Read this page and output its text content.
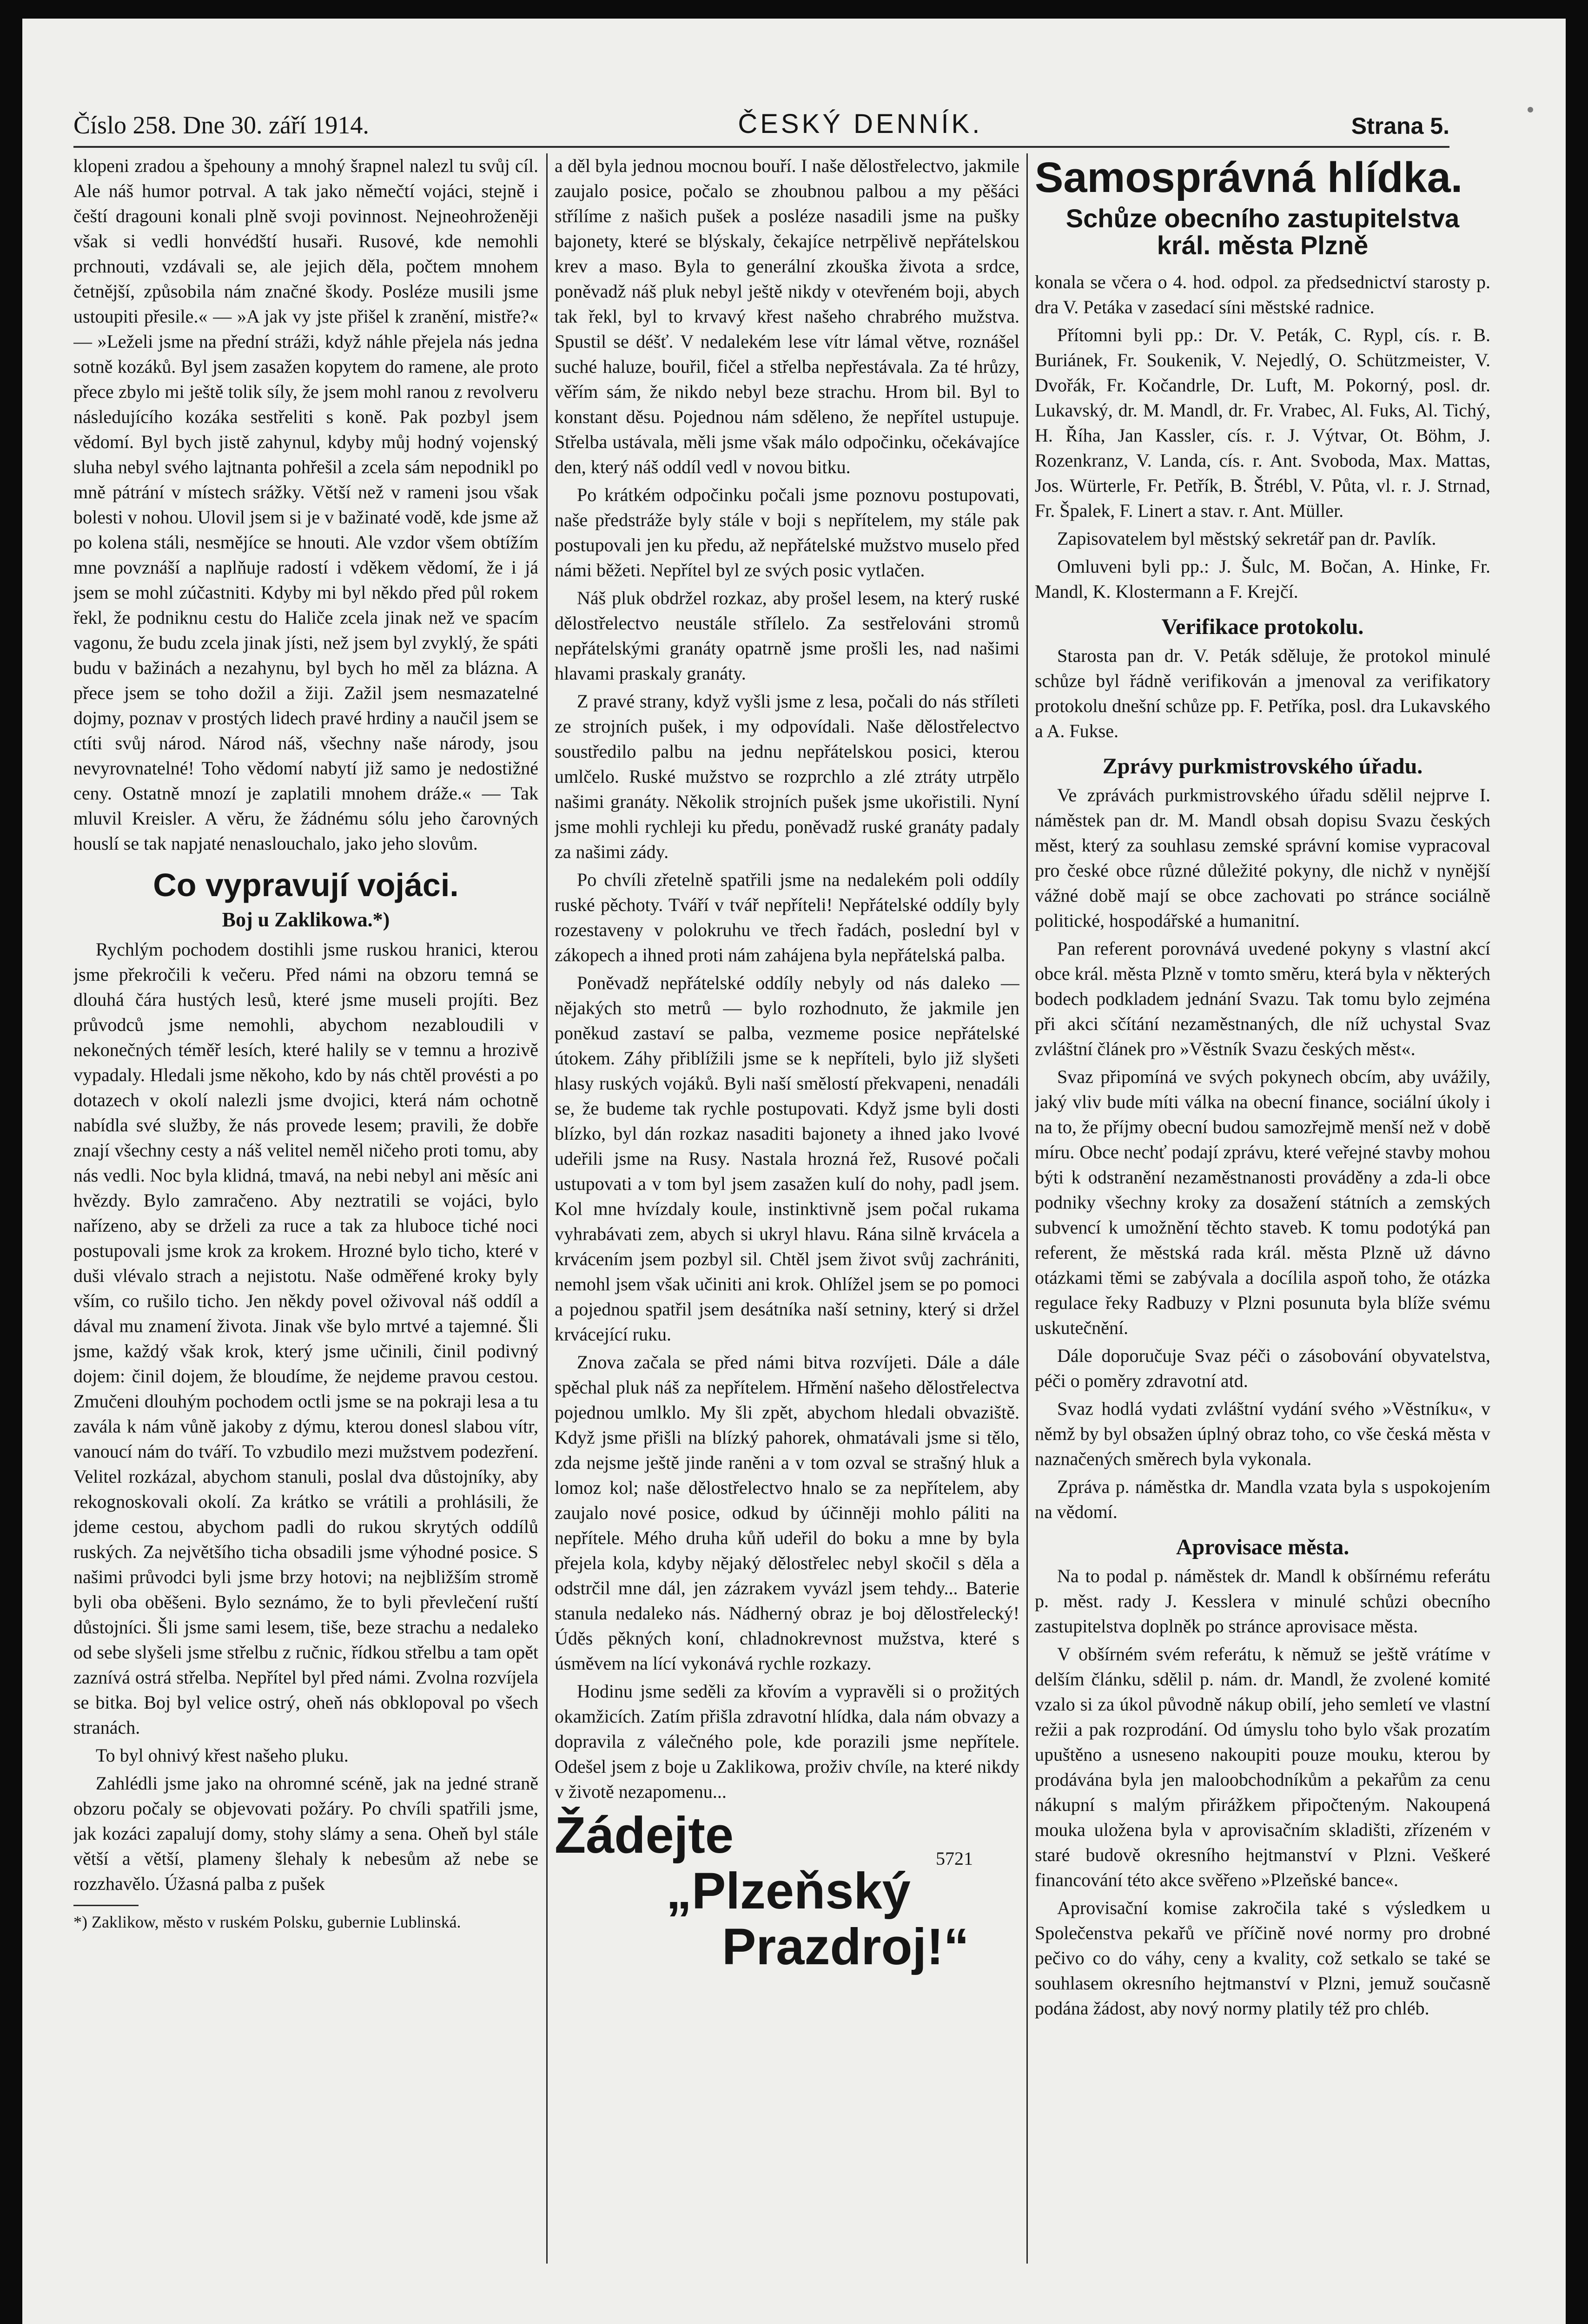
Číslo 258. Dne 30. září 1914.	ČESKÝ DENNÍK.	Strana 5.

klopeni zradou a špehouny a mnohý šrapnel nalezl tu svůj cíl. Ale náš humor potrval. A tak jako němečtí vojáci, stejně i čeští dragouni konali plně svoji povinnost. Nejneohroženěji však si vedli honvédští husaři. Rusové, kde nemohli prchnouti, vzdávali se, ale jejich děla, počtem mnohem četnější, způsobila nám značné škody. Posléze musili jsme ustoupiti přesile.« — »A jak vy jste přišel k zranění, mistře?« — »Leželi jsme na přední stráži, když náhle přejela nás jedna sotně kozáků. Byl jsem zasažen kopytem do ramene, ale proto přece zbylo mi ještě tolik síly, že jsem mohl ranou z revolveru následujícího kozáka sestřeliti s koně. Pak pozbyl jsem vědomí. Byl bych jistě zahynul, kdyby můj hodný vojenský sluha nebyl svého lajtnanta pohřešil a zcela sám nepodnikl po mně pátrání v místech srážky. Větší než v rameni jsou však bolesti v nohou. Ulovil jsem si je v bažinaté vodě, kde jsme až po kolena stáli, nesmějíce se hnouti. Ale vzdor všem obtížím mne povznáší a naplňuje radostí i vděkem vědomí, že i já jsem se mohl zúčastniti. Kdyby mi byl někdo před půl rokem řekl, že podniknu cestu do Haliče zcela jinak než ve spacím vagonu, že budu zcela jinak jísti, než jsem byl zvyklý, že spáti budu v bažinách a nezahynu, byl bych ho měl za blázna. A přece jsem se toho dožil a žiji. Zažil jsem nesmazatelné dojmy, poznav v prostých lidech pravé hrdiny a naučil jsem se ctíti svůj národ. Národ náš, všechny naše národy, jsou nevyrovnatelné! Toho vědomí nabytí již samo je nedostižné ceny. Ostatně mnozí je zaplatili mnohem dráže.« — Tak mluvil Kreisler. A věru, že žádnému sólu jeho čarovných houslí se tak napjaté nenaslouchalo, jako jeho slovům.

Co vypravují vojáci.
Boj u Zaklikowa.*)

Rychlým pochodem dostihli jsme ruskou hranici, kterou jsme překročili k večeru. Před námi na obzoru temná se dlouhá čára hustých lesů, které jsme museli projíti. Bez průvodců jsme nemohli, abychom nezabloudili v nekonečných téměř lesích, které halily se v temnu a hrozivě vypadaly. Hledali jsme někoho, kdo by nás chtěl provésti a po dotazech v okolí nalezli jsme dvojici, která nám ochotně nabídla své služby, že nás provede lesem; pravili, že dobře znají všechny cesty a náš velitel neměl ničeho proti tomu, aby nás vedli. Noc byla klidná, tmavá, na nebi nebyl ani měsíc ani hvězdy. Bylo zamračeno. Aby neztratili se vojáci, bylo nařízeno, aby se drželi za ruce a tak za hluboce tiché noci postupovali jsme krok za krokem. Hrozné bylo ticho, které v duši vlévalo strach a nejistotu. Naše odměřené kroky byly vším, co rušilo ticho. Jen někdy povel oživoval náš oddíl a dával mu znamení života. Jinak vše bylo mrtvé a tajemné. Šli jsme, každý však krok, který jsme učinili, činil podivný dojem: činil dojem, že bloudíme, že nejdeme pravou cestou. Zmučeni dlouhým pochodem octli jsme se na pokraji lesa a tu zavála k nám vůně jakoby z dýmu, kterou donesl slabou vítr, vanoucí nám do tváří. To vzbudilo mezi mužstvem podezření. Velitel rozkázal, abychom stanuli, poslal dva důstojníky, aby rekognoskovali okolí. Za krátko se vrátili a prohlásili, že jdeme cestou, abychom padli do rukou skrytých oddílů ruských. Za největšího ticha obsadili jsme výhodné posice. S našimi průvodci byli jsme brzy hotovi; na nejbližším stromě byli oba oběšeni. Bylo seznámo, že to byli převlečení ruští důstojníci. Šli jsme sami lesem, tiše, beze strachu a nedaleko od sebe slyšeli jsme střelbu z ručnic, řídkou střelbu a tam opět zaznívá ostrá střelba. Nepřítel byl před námi. Zvolna rozvíjela se bitka. Boj byl velice ostrý, oheň nás obklopoval po všech stranách.

To byl ohnivý křest našeho pluku.

Zahlédli jsme jako na ohromné scéně, jak na jedné straně obzoru počaly se objevovati požáry. Po chvíli spatřili jsme, jak kozáci zapalují domy, stohy slámy a sena. Oheň byl stále větší a větší, plameny šlehaly k nebesům až nebe se rozzhavělo. Úžasná palba z pušek

*) Zaklikow, město v ruském Polsku, gubernie Lublinská.

a děl byla jednou mocnou bouří. I naše dělostřelectvo, jakmile zaujalo posice, počalo se zhoubnou palbou a my pěšáci střílíme z našich pušek a posléze nasadili jsme na pušky bajonety, které se blýskaly, čekajíce netrpělivě nepřátelskou krev a maso. Byla to generální zkouška života a srdce, poněvadž náš pluk nebyl ještě nikdy v otevřeném boji, abych tak řekl, byl to krvavý křest našeho chrabrého mužstva. Spustil se déšť. V nedalekém lese vítr lámal větve, roznášel suché haluze, bouřil, fičel a střelba nepřestávala. Za té hrůzy, věřím sám, že nikdo nebyl beze strachu. Hrom bil. Byl to konstant děsu. Pojednou nám sděleno, že nepřítel ustupuje. Střelba ustávala, měli jsme však málo odpočinku, očekávajíce den, který náš oddíl vedl v novou bitku.

Po krátkém odpočinku počali jsme poznovu postupovati, naše předstráže byly stále v boji s nepřítelem, my stále pak postupovali jen ku předu, až nepřátelské mužstvo muselo před námi běžeti. Nepřítel byl ze svých posic vytlačen.

Náš pluk obdržel rozkaz, aby prošel lesem, na který ruské dělostřelectvo neustále střílelo. Za sestřelováni stromů nepřátelskými granáty opatrně jsme prošli les, nad našimi hlavami praskaly granáty.

Z pravé strany, když vyšli jsme z lesa, počali do nás stříleti ze strojních pušek, i my odpovídali. Naše dělostřelectvo soustředilo palbu na jednu nepřátelskou posici, kterou umlčelo. Ruské mužstvo se rozprchlo a zlé ztráty utrpělo našimi granáty. Několik strojních pušek jsme ukořistili. Nyní jsme mohli rychleji ku předu, poněvadž ruské granáty padaly za našimi zády.

Po chvíli zřetelně spatřili jsme na nedalekém poli oddíly ruské pěchoty. Tváří v tvář nepříteli! Nepřátelské oddíly byly rozestaveny v polokruhu ve třech řadách, poslední byl v zákopech a ihned proti nám zahájena byla nepřátelská palba.

Poněvadž nepřátelské oddíly nebyly od nás daleko — nějakých sto metrů — bylo rozhodnuto, že jakmile jen poněkud zastaví se palba, vezmeme posice nepřátelské útokem. Záhy přiblížili jsme se k nepříteli, bylo již slyšeti hlasy ruských vojáků. Byli naší smělostí překvapeni, nenadáli se, že budeme tak rychle postupovati. Když jsme byli dosti blízko, byl dán rozkaz nasaditi bajonety a ihned jako lvové udeřili jsme na Rusy. Nastala hrozná řež, Rusové počali ustupovati a v tom byl jsem zasažen kulí do nohy, padl jsem. Kol mne hvízdaly koule, instinktivně jsem počal rukama vyhrabávati zem, abych si ukryl hlavu. Rána silně krvácela a krvácením jsem pozbyl sil. Chtěl jsem život svůj zachrániti, nemohl jsem však učiniti ani krok. Ohlížel jsem se po pomoci a pojednou spatřil jsem desátníka naší setniny, který si držel krvácející ruku.

Znova začala se před námi bitva rozvíjeti. Dále a dále spěchal pluk náš za nepřítelem. Hřmění našeho dělostřelectva pojednou umlklo. My šli zpět, abychom hledali obvaziště. Když jsme přišli na blízký pahorek, ohmatávali jsme si tělo, zda nejsme ještě jinde raněni a v tom ozval se strašný hluk a lomoz kol; naše dělostřelectvo hnalo se za nepřítelem, aby zaujalo nové posice, odkud by účinněji mohlo páliti na nepřítele. Mého druha kůň udeřil do boku a mne by byla přejela kola, kdyby nějaký dělostřelec nebyl skočil s děla a odstrčil mne dál, jen zázrakem vyvázl jsem tehdy... Baterie stanula nedaleko nás. Nádherný obraz je boj dělostřelecký! Úděs pěkných koní, chladnokrevnost mužstva, které s úsměvem na lící vykonává rychle rozkazy.

Hodinu jsme seděli za křovím a vypravěli si o prožitých okamžicích. Zatím přišla zdravotní hlídka, dala nám obvazy a dopravila z válečného pole, kde porazili jsme nepřítele. Odešel jsem z boje u Zaklikowa, proživ chvíle, na které nikdy v životě nezapomenu...

Žádejte	5721
„Plzeňský
Prazdroj!“
Samosprávná hlídka.
Schůze obecního zastupitelstva
král. města Plzně

konala se včera o 4. hod. odpol. za předsednictví starosty p. dra V. Petáka v zasedací síni městské radnice.

Přítomni byli pp.: Dr. V. Peták, C. Rypl, cís. r. B. Buriánek, Fr. Soukenik, V. Nejedlý, O. Schützmeister, V. Dvořák, Fr. Kočandrle, Dr. Luft, M. Pokorný, posl. dr. Lukavský, dr. M. Mandl, dr. Fr. Vrabec, Al. Fuks, Al. Tichý, H. Říha, Jan Kassler, cís. r. J. Výtvar, Ot. Böhm, J. Rozenkranz, V. Landa, cís. r. Ant. Svoboda, Max. Mattas, Jos. Würterle, Fr. Petřík, B. Štrébl, V. Půta, vl. r. J. Strnad, Fr. Špalek, F. Linert a stav. r. Ant. Müller.

Zapisovatelem byl městský sekretář pan dr. Pavlík.

Omluveni byli pp.: J. Šulc, M. Bočan, A. Hinke, Fr. Mandl, K. Klostermann a F. Krejčí.

Verifikace protokolu.

Starosta pan dr. V. Peták sděluje, že protokol minulé schůze byl řádně verifikován a jmenoval za verifikatory protokolu dnešní schůze pp. F. Petříka, posl. dra Lukavského a A. Fukse.

Zprávy purkmistrovského úřadu.

Ve zprávách purkmistrovského úřadu sdělil nejprve I. náměstek pan dr. M. Mandl obsah dopisu Svazu českých měst, který za souhlasu zemské správní komise vypracoval pro české obce různé důležité pokyny, dle nichž v nynější vážné době mají se obce zachovati po stránce sociálně politické, hospodářské a humanitní.

Pan referent porovnává uvedené pokyny s vlastní akcí obce král. města Plzně v tomto směru, která byla v některých bodech podkladem jednání Svazu. Tak tomu bylo zejména při akci sčítání nezaměstnaných, dle níž uchystal Svaz zvláštní článek pro »Věstník Svazu českých měst«.

Svaz připomíná ve svých pokynech obcím, aby uvážily, jaký vliv bude míti válka na obecní finance, sociální úkoly i na to, že příjmy obecní budou samozřejmě menší než v době míru. Obce nechť podají zprávu, které veřejné stavby mohou býti k odstranění nezaměstnanosti prováděny a zda-li obce podniky všechny kroky za dosažení státních a zemských subvencí k umožnění těchto staveb. K tomu podotýká pan referent, že městská rada král. města Plzně už dávno otázkami těmi se zabývala a docílila aspoň toho, že otázka regulace řeky Radbuzy v Plzni posunuta byla blíže svému uskutečnění.

Dále doporučuje Svaz péči o zásobování obyvatelstva, péči o poměry zdravotní atd.

Svaz hodlá vydati zvláštní vydání svého »Věstníku«, v němž by byl obsažen úplný obraz toho, co vše česká města v naznačených směrech byla vykonala.

Zpráva p. náměstka dr. Mandla vzata byla s uspokojením na vědomí.

Aprovisace města.

Na to podal p. náměstek dr. Mandl k obšírnému referátu p. měst. rady J. Kesslera v minulé schůzi obecního zastupitelstva doplněk po stránce aprovisace města.

V obšírném svém referátu, k němuž se ještě vrátíme v delším článku, sdělil p. nám. dr. Mandl, že zvolené komité vzalo si za úkol původně nákup obilí, jeho semletí ve vlastní režii a pak rozprodání. Od úmyslu toho bylo však prozatím upuštěno a usneseno nakoupiti pouze mouku, kterou by prodávána byla jen maloobchodníkům a pekařům za cenu nákupní s malým přirážkem připočteným. Nakoupená mouka uložena byla v aprovisačním skladišti, zřízeném v staré budově okresního hejtmanství v Plzni. Veškeré financování této akce svěřeno »Plzeňské bance«.

Aprovisační komise zakročila také s výsledkem u Společenstva pekařů ve příčině nové normy pro drobné pečivo co do váhy, ceny a kvality, což setkalo se také se souhlasem okresního hejtmanství v Plzni, jemuž současně podána žádost, aby nový normy platily též pro chléb.
